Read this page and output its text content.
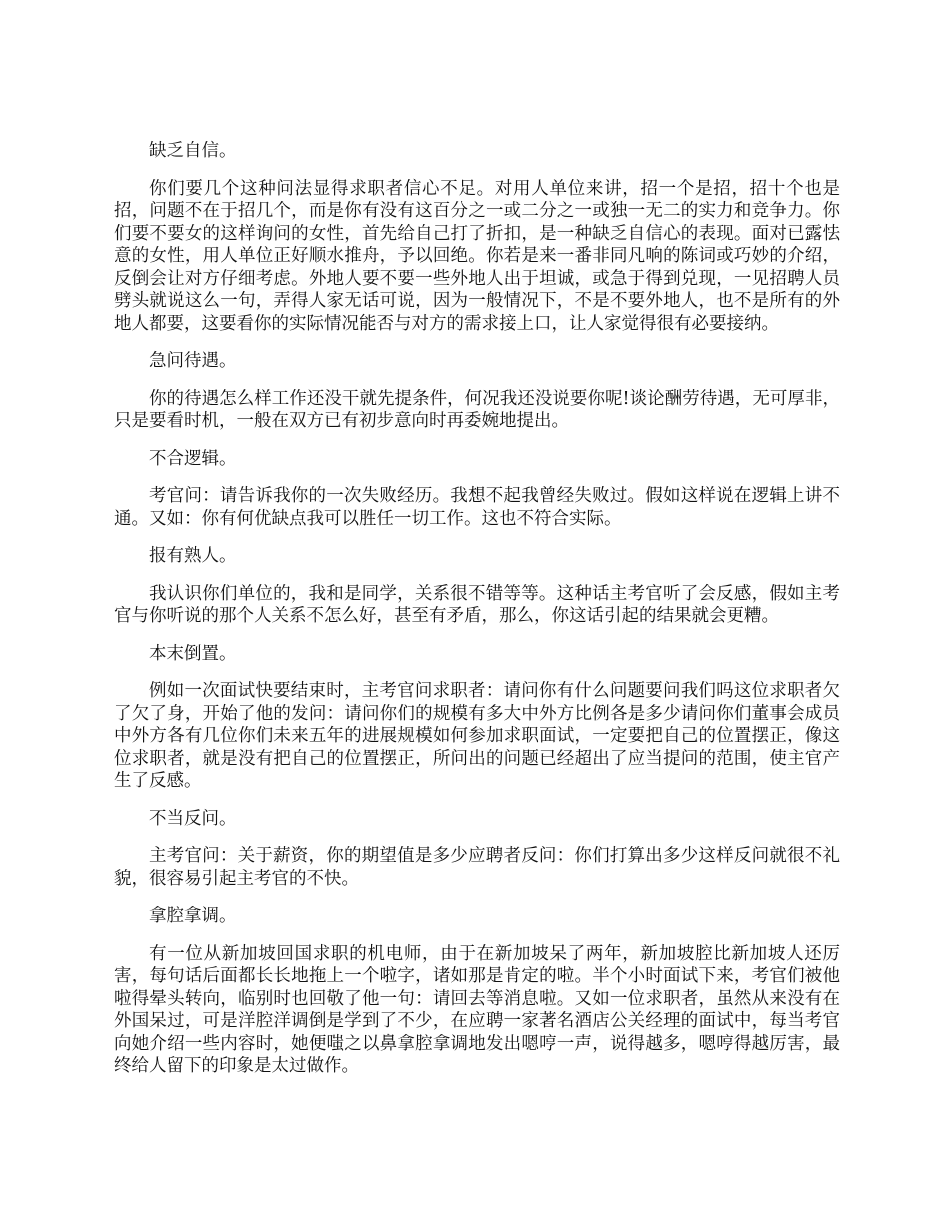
缺乏自信。

你们要几个这种问法显得求职者信心不足。对用人单位来讲，招一个是招，招十个也是招，问题不在于招几个，而是你有没有这百分之一或二分之一或独一无二的实力和竞争力。你们要不要女的这样询问的女性，首先给自己打了折扣，是一种缺乏自信心的表现。面对已露怯意的女性，用人单位正好顺水推舟，予以回绝。你若是来一番非同凡响的陈词或巧妙的介绍，反倒会让对方仔细考虑。外地人要不要一些外地人出于坦诚，或急于得到兑现，一见招聘人员劈头就说这么一句，弄得人家无话可说，因为一般情况下，不是不要外地人，也不是所有的外地人都要，这要看你的实际情况能否与对方的需求接上口，让人家觉得很有必要接纳。

急问待遇。

你的待遇怎么样工作还没干就先提条件，何况我还没说要你呢!谈论酬劳待遇，无可厚非，只是要看时机，一般在双方已有初步意向时再委婉地提出。

不合逻辑。

考官问：请告诉我你的一次失败经历。我想不起我曾经失败过。假如这样说在逻辑上讲不通。又如：你有何优缺点我可以胜任一切工作。这也不符合实际。

报有熟人。

我认识你们单位的，我和是同学，关系很不错等等。这种话主考官听了会反感，假如主考官与你听说的那个人关系不怎么好，甚至有矛盾，那么，你这话引起的结果就会更糟。

本末倒置。

例如一次面试快要结束时，主考官问求职者：请问你有什么问题要问我们吗这位求职者欠了欠了身，开始了他的发问：请问你们的规模有多大中外方比例各是多少请问你们董事会成员中外方各有几位你们未来五年的进展规模如何参加求职面试，一定要把自己的位置摆正，像这位求职者，就是没有把自己的位置摆正，所问出的问题已经超出了应当提问的范围，使主官产生了反感。

不当反问。

主考官问：关于薪资，你的期望值是多少应聘者反问：你们打算出多少这样反问就很不礼貌，很容易引起主考官的不快。

拿腔拿调。

有一位从新加坡回国求职的机电师，由于在新加坡呆了两年，新加坡腔比新加坡人还厉害，每句话后面都长长地拖上一个啦字，诸如那是肯定的啦。半个小时面试下来，考官们被他啦得晕头转向，临别时也回敬了他一句：请回去等消息啦。又如一位求职者，虽然从来没有在外国呆过，可是洋腔洋调倒是学到了不少，在应聘一家著名酒店公关经理的面试中，每当考官向她介绍一些内容时，她便嗤之以鼻拿腔拿调地发出嗯哼一声，说得越多，嗯哼得越厉害，最终给人留下的印象是太过做作。
